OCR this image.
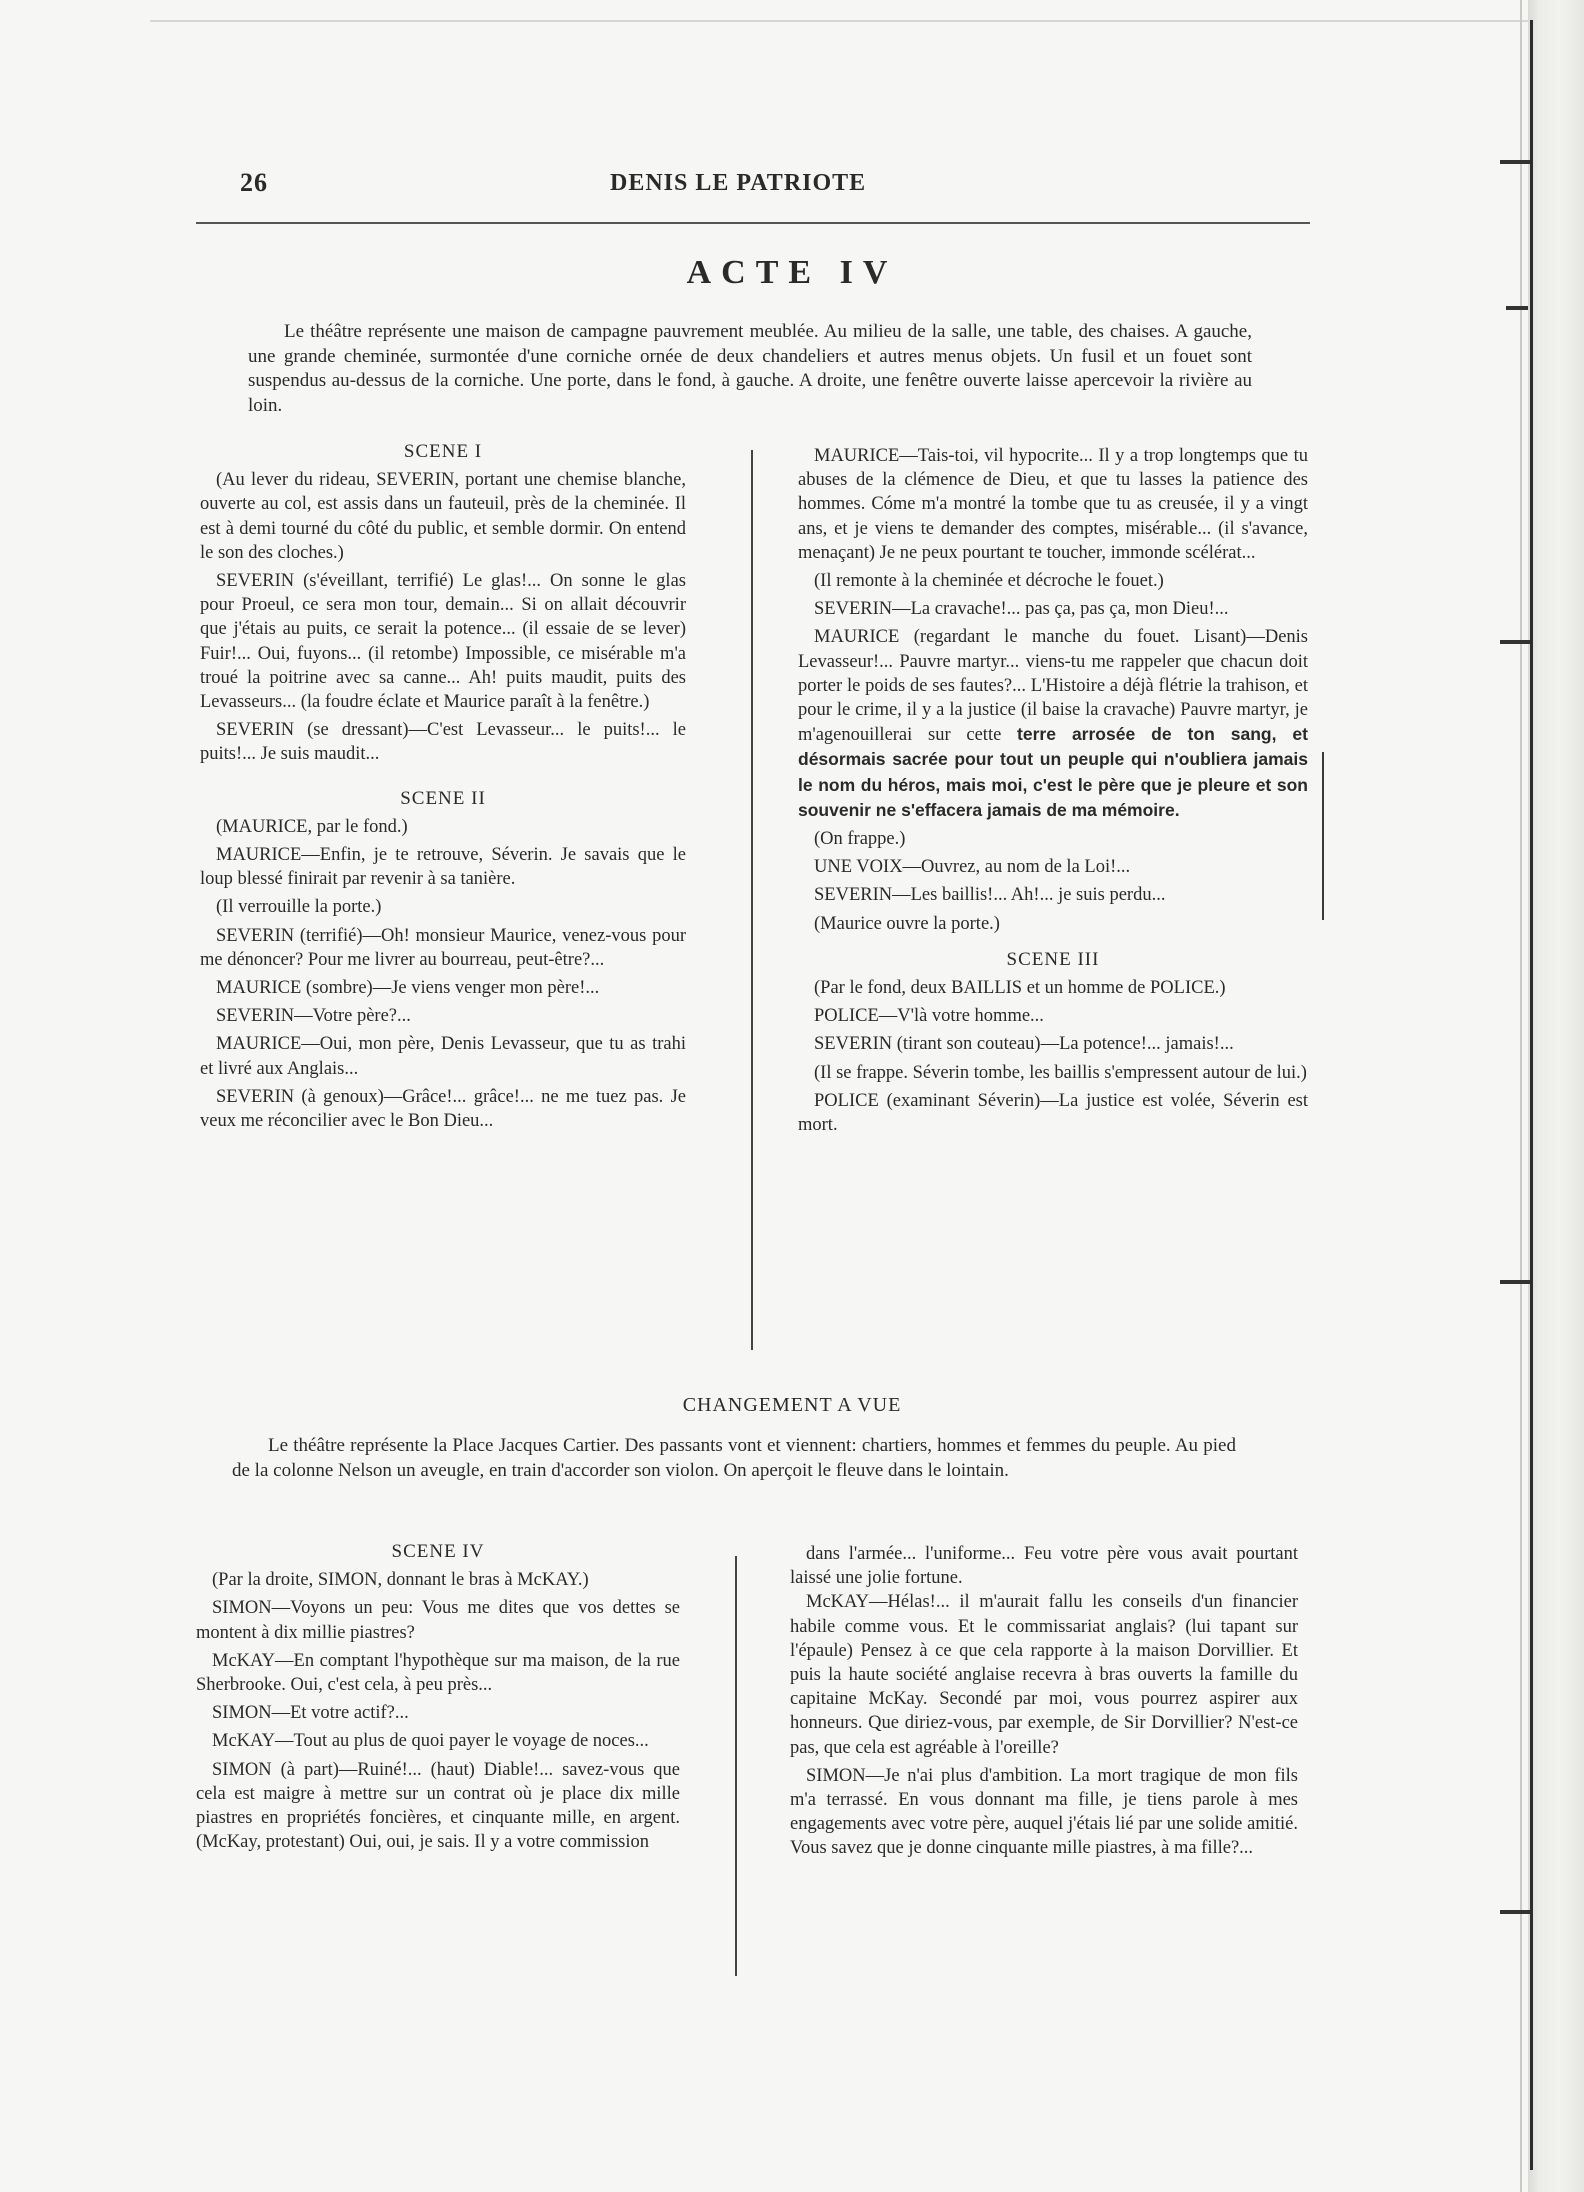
26	DENIS LE PATRIOTE
ACTE IV
Le théâtre représente une maison de campagne pauvrement meublée. Au milieu de la salle, une table, des chaises. A gauche, une grande cheminée, surmontée d'une corniche ornée de deux chandeliers et autres menus objets. Un fusil et un fouet sont suspendus au-dessus de la corniche. Une porte, dans le fond, à gauche. A droite, une fenêtre ouverte laisse apercevoir la rivière au loin.

SCENE I

(Au lever du rideau, SEVERIN, portant une chemise blanche, ouverte au col, est assis dans un fauteuil, près de la cheminée. Il est à demi tourné du côté du public, et semble dormir. On entend le son des cloches.)

SEVERIN (s'éveillant, terrifié) Le glas!... On sonne le glas pour Proeul, ce sera mon tour, demain... Si on allait découvrir que j'étais au puits, ce serait la potence... (il essaie de se lever) Fuir!... Oui, fuyons... (il retombe) Impossible, ce misérable m'a troué la poitrine avec sa canne... Ah! puits maudit, puits des Levasseurs... (la foudre éclate et Maurice paraît à la fenêtre.)

SEVERIN (se dressant)—C'est Levasseur... le puits!... le puits!... Je suis maudit...

SCENE II

(MAURICE, par le fond.)

MAURICE—Enfin, je te retrouve, Séverin. Je savais que le loup blessé finirait par revenir à sa tanière.

(Il verrouille la porte.)

SEVERIN (terrifié)—Oh! monsieur Maurice, venez-vous pour me dénoncer? Pour me livrer au bourreau, peut-être?...

MAURICE (sombre)—Je viens venger mon père!...

SEVERIN—Votre père?...

MAURICE—Oui, mon père, Denis Levasseur, que tu as trahi et livré aux Anglais...

SEVERIN (à genoux)—Grâce!... grâce!... ne me tuez pas. Je veux me réconcilier avec le Bon Dieu...

MAURICE—Tais-toi, vil hypocrite... Il y a trop longtemps que tu abuses de la clémence de Dieu, et que tu lasses la patience des hommes. Cóme m'a montré la tombe que tu as creusée, il y a vingt ans, et je viens te demander des comptes, misérable... (il s'avance, menaçant) Je ne peux pourtant te toucher, immonde scélérat...

(Il remonte à la cheminée et décroche le fouet.)

SEVERIN—La cravache!... pas ça, pas ça, mon Dieu!...

MAURICE (regardant le manche du fouet. Lisant)—Denis Levasseur!... Pauvre martyr... viens-tu me rappeler que chacun doit porter le poids de ses fautes?... L'Histoire a déjà flétrie la trahison, et pour le crime, il y a la justice (il baise la cravache) Pauvre martyr, je m'agenouillerai sur cette terre arrosée de ton sang, et désormais sacrée pour tout un peuple qui n'oubliera jamais le nom du héros, mais moi, c'est le père que je pleure et son souvenir ne s'effacera jamais de ma mémoire.

(On frappe.)

UNE VOIX—Ouvrez, au nom de la Loi!...

SEVERIN—Les baillis!... Ah!... je suis perdu...

(Maurice ouvre la porte.)

SCENE III

(Par le fond, deux BAILLIS et un homme de POLICE.)

POLICE—V'là votre homme...

SEVERIN (tirant son couteau)—La potence!... jamais!...

(Il se frappe. Séverin tombe, les baillis s'empressent autour de lui.)

POLICE (examinant Séverin)—La justice est volée, Séverin est mort.

CHANGEMENT A VUE
Le théâtre représente la Place Jacques Cartier. Des passants vont et viennent: chartiers, hommes et femmes du peuple. Au pied de la colonne Nelson un aveugle, en train d'accorder son violon. On aperçoit le fleuve dans le lointain.

SCENE IV

(Par la droite, SIMON, donnant le bras à McKAY.)

SIMON—Voyons un peu: Vous me dites que vos dettes se montent à dix millie piastres?

McKAY—En comptant l'hypothèque sur ma maison, de la rue Sherbrooke. Oui, c'est cela, à peu près...

SIMON—Et votre actif?...

McKAY—Tout au plus de quoi payer le voyage de noces...

SIMON (à part)—Ruiné!... (haut) Diable!... savez-vous que cela est maigre à mettre sur un contrat où je place dix mille piastres en propriétés foncières, et cinquante mille, en argent. (McKay, protestant) Oui, oui, je sais. Il y a votre commission

dans l'armée... l'uniforme... Feu votre père vous avait pourtant laissé une jolie fortune.

McKAY—Hélas!... il m'aurait fallu les conseils d'un financier habile comme vous. Et le commissariat anglais? (lui tapant sur l'épaule) Pensez à ce que cela rapporte à la maison Dorvillier. Et puis la haute société anglaise recevra à bras ouverts la famille du capitaine McKay. Secondé par moi, vous pourrez aspirer aux honneurs. Que diriez-vous, par exemple, de Sir Dorvillier? N'est-ce pas, que cela est agréable à l'oreille?

SIMON—Je n'ai plus d'ambition. La mort tragique de mon fils m'a terrassé. En vous donnant ma fille, je tiens parole à mes engagements avec votre père, auquel j'étais lié par une solide amitié. Vous savez que je donne cinquante mille piastres, à ma fille?...
